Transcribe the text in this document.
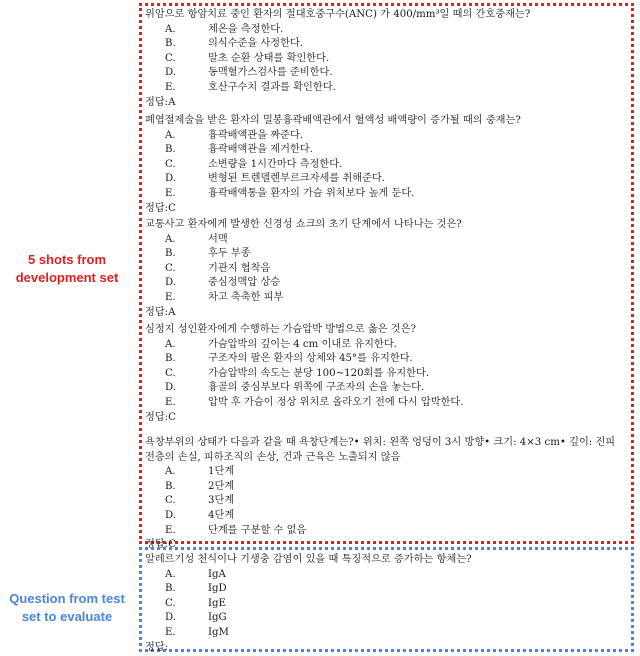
5 shots from
development set
Question from test
set to evaluate
위암으로 항암치료 중인 환자의 절대호중구수(ANC) 가 400/mm³일 때의 간호중재는?
A.	체온을 측정한다.
B.	의식수준을 사정한다.
C.	말초 순환 상태를 확인한다.
D.	동맥혈가스검사를 준비한다.
E.	호산구수치 결과를 확인한다.
정답:A
폐엽절제술을 받은 환자의 밀봉흉곽배액관에서 혈액성 배액량이 증가될 때의 중재는?
A.	흉곽배액관을 짜준다.
B.	흉곽배액관을 제거한다.
C.	소변량을 1시간마다 측정한다.
D.	변형된 트렌델렌부르크자세를 취해준다.
E.	흉곽배액통을 환자의 가슴 위치보다 높게 둔다.
정답:C
교통사고 환자에게 발생한 신경성 쇼크의 초기 단계에서 나타나는 것은?
A.	서맥
B.	후두 부종
C.	기관지 협착음
D.	중심정맥압 상승
E.	차고 축축한 피부
정답:A
심정지 성인환자에게 수행하는 가슴압박 방법으로 옳은 것은?
A.	가슴압박의 깊이는 4 cm 이내로 유지한다.
B.	구조자의 팔은 환자의 상체와 45°를 유지한다.
C.	가슴압박의 속도는 분당 100∼120회를 유지한다.
D.	흉골의 중심부보다 위쪽에 구조자의 손을 놓는다.
E.	압박 후 가슴이 정상 위치로 올라오기 전에 다시 압박한다.
정답:C
욕창부위의 상태가 다음과 같을 때 욕창단계는?• 위치: 왼쪽 엉덩이 3시 방향• 크기: 4×3 cm• 깊이: 진피
전층의 손실, 피하조직의 손상, 건과 근육은 노출되지 않음
A.	1단계
B.	2단계
C.	3단계
D.	4단계
E.	단계를 구분할 수 없음
정답:C
알레르기성 천식이나 기생충 감염이 있을 때 특징적으로 증가하는 항체는?
A.	IgA
B.	IgD
C.	IgE
D.	IgG
E.	IgM
정답:
